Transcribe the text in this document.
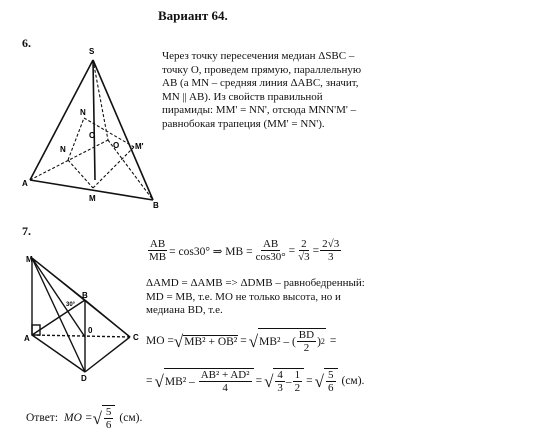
Вариант 64.
6.
S
N
C
N	O M'
A
M
B
M
B
30°
A
0
C
D
Через точку пересечения медиан ΔSBC – точку O, проведем прямую, параллельную AB (а MN – средняя линия ΔABC, значит, MN || AB). Из свойств правильной пирамиды: MM' = NN', отсюда MNN'M' – равнобокая трапеция (MM' = NN').
7.
$\frac{AB}{MB} = \cos 30^\circ$ ⇒ MB = $\frac{AB}{\cos 30^\circ} = \frac{2}{√3} = \frac{2√3}{3}$
ΔAMD = ΔAMB => ΔDMB – равнобедренный: MD = MB, т.е. MO не только высота, но и медиана BD, т.е.
MO = √ MB² + OB² = √ MB² – ( $\frac{BD}{2}$ ) 2 =
= √ MB² –
$\frac{\text{AB² + AD²}}{4}$ = √ $\frac{4}{3} - \frac{1}{2}$ = √ $\frac{5}{6} (см)$.
Ответ: MO = √ $\frac{5}{6} (см)$.
